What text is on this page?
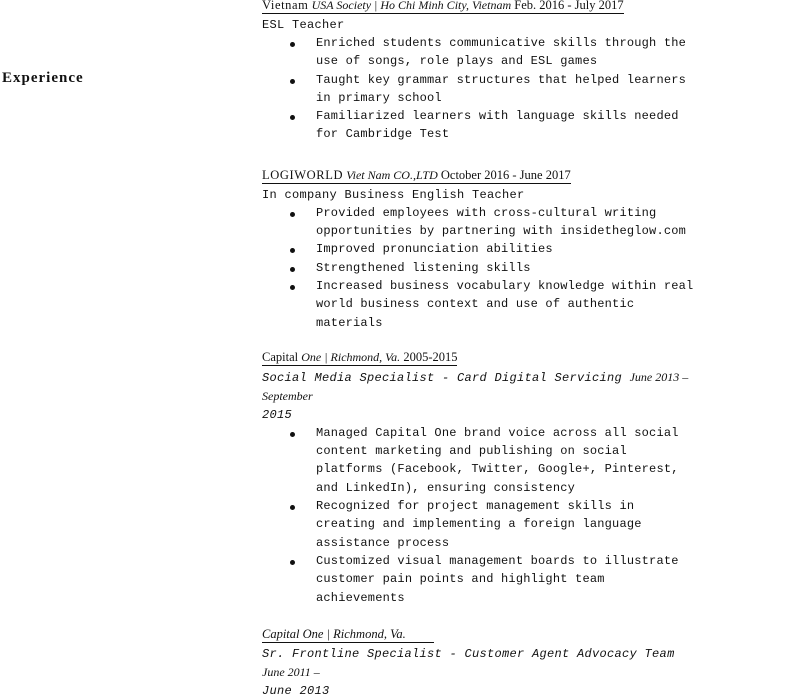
Experience
Vietnam USA Society | Ho Chi Minh City, Vietnam Feb. 2016 - July 2017
ESL Teacher
Enriched students communicative skills through the use of songs, role plays and ESL games
Taught key grammar structures that helped learners in primary school
Familiarized learners with language skills needed for Cambridge Test
LOGIWORLD Viet Nam CO.,LTD October 2016 - June 2017
In company Business English Teacher
Provided employees with cross-cultural writing opportunities by partnering with insidetheglow.com
Improved pronunciation abilities
Strengthened listening skills
Increased business vocabulary knowledge within real world business context and use of authentic materials
Capital One | Richmond, Va. 2005-2015
Social Media Specialist - Card Digital Servicing June 2013 – September
2015
Managed Capital One brand voice across all social content marketing and publishing on social platforms (Facebook, Twitter, Google+, Pinterest, and LinkedIn), ensuring consistency
Recognized for project management skills in creating and implementing a foreign language assistance process
Customized visual management boards to illustrate customer pain points and highlight team achievements
Capital One | Richmond, Va.
Sr. Frontline Specialist - Customer Agent Advocacy Team June 2011 –
June 2013
